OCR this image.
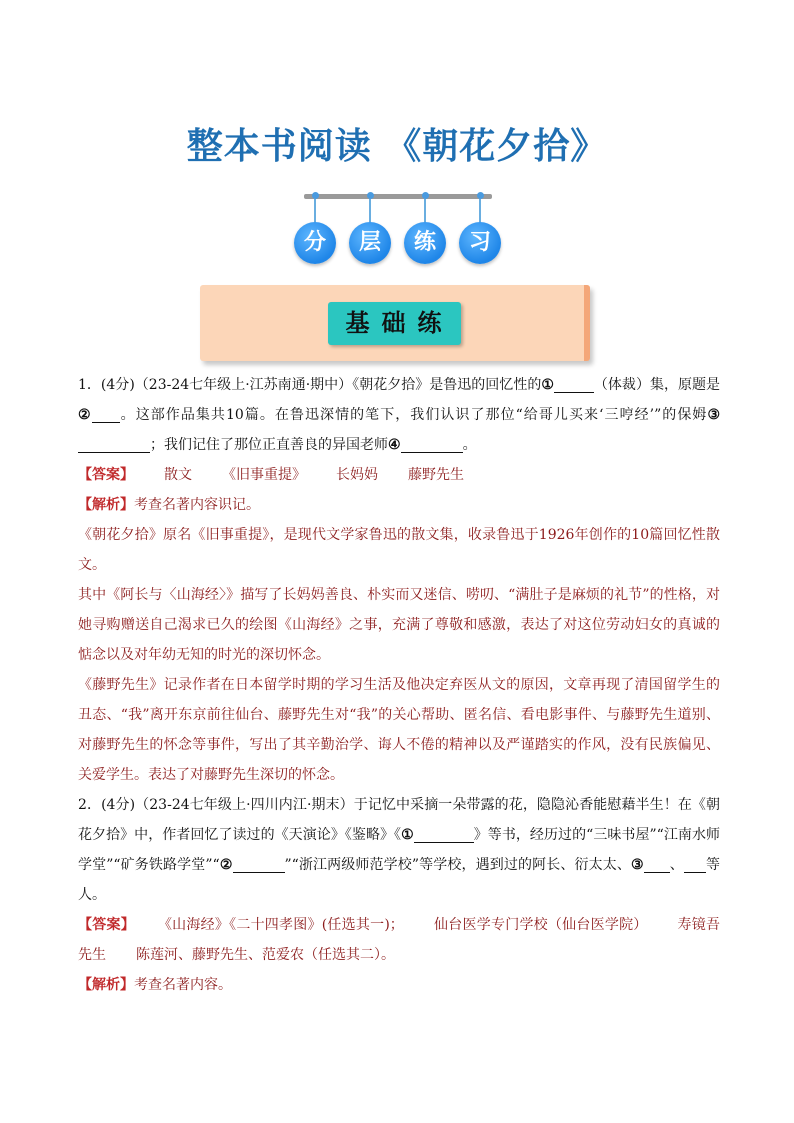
整本书阅读 《朝花夕拾》
分	层	练	习
基础练

1．(4分)（23-24七年级上·江苏南通·期中）《朝花夕拾》是鲁迅的回忆性的①	（体裁）集，原题是② 。这部作品集共10篇。在鲁迅深情的笔下，我们认识了那位“给哥儿买来‘三哼经’”的保姆③；我们记住了那位正直善良的异国老师④	。

【答案】 散文 《旧事重提》 长妈妈 藤野先生

【解析】考查名著内容识记。

《朝花夕拾》原名《旧事重提》，是现代文学家鲁迅的散文集，收录鲁迅于1926年创作的10篇回忆性散文。

其中《阿长与〈山海经〉》描写了长妈妈善良、朴实而又迷信、唠叨、“满肚子是麻烦的礼节”的性格，对她寻购赠送自己渴求已久的绘图《山海经》之事，充满了尊敬和感激，表达了对这位劳动妇女的真诚的惦念以及对年幼无知的时光的深切怀念。

《藤野先生》记录作者在日本留学时期的学习生活及他决定弃医从文的原因，文章再现了清国留学生的丑态、“我”离开东京前往仙台、藤野先生对“我”的关心帮助、匿名信、看电影事件、与藤野先生道别、对藤野先生的怀念等事件，写出了其辛勤治学、诲人不倦的精神以及严谨踏实的作风，没有民族偏见、关爱学生。表达了对藤野先生深切的怀念。

2．(4分)（23-24七年级上·四川内江·期末）于记忆中采摘一朵带露的花，隐隐沁香能慰藉半生！在《朝花夕拾》中，作者回忆了读过的《天演论》《鉴略》《①	》等书，经历过的“三味书屋”“江南水师学堂”“矿务铁路学堂”“②	”“浙江两级师范学校”等学校，遇到过的阿长、衍太太、③ 、 等人。

【答案】 《山海经》《二十四孝图》(任选其一)； 仙台医学专门学校（仙台医学院） 寿镜吾先生 陈莲河、藤野先生、范爱农（任选其二）。

【解析】考查名著内容。
